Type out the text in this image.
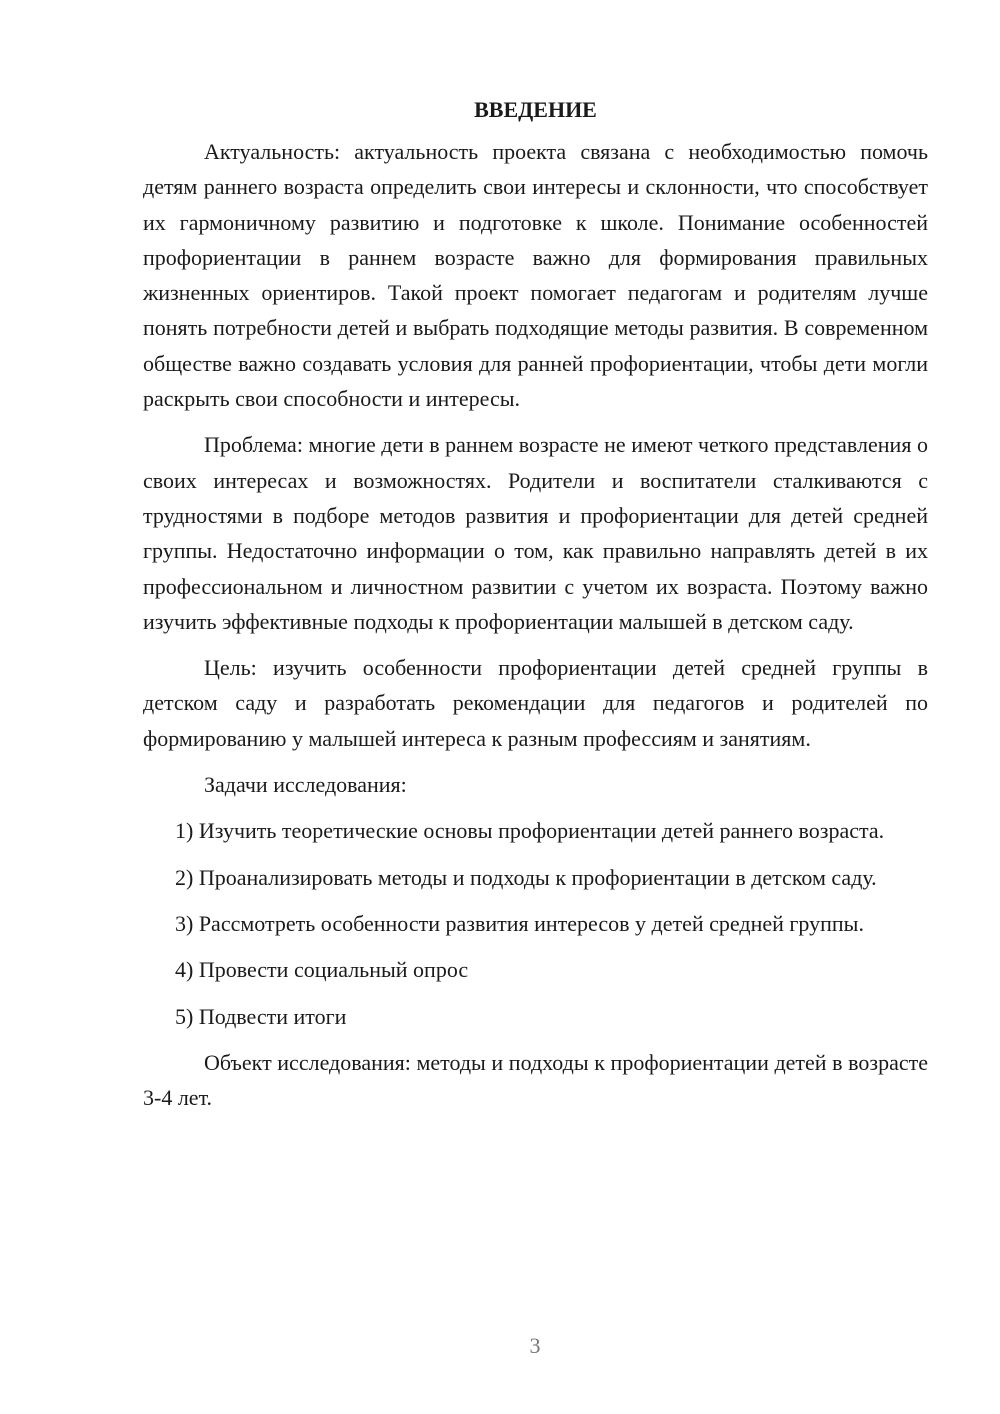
ВВЕДЕНИЕ

Актуальность: актуальность проекта связана с необходимостью помочь детям раннего возраста определить свои интересы и склонности, что способствует их гармоничному развитию и подготовке к школе. Понимание особенностей профориентации в раннем возрасте важно для формирования правильных жизненных ориентиров. Такой проект помогает педагогам и родителям лучше понять потребности детей и выбрать подходящие методы развития. В современном обществе важно создавать условия для ранней профориентации, чтобы дети могли раскрыть свои способности и интересы.

Проблема: многие дети в раннем возрасте не имеют четкого представления о своих интересах и возможностях. Родители и воспитатели сталкиваются с трудностями в подборе методов развития и профориентации для детей средней группы. Недостаточно информации о том, как правильно направлять детей в их профессиональном и личностном развитии с учетом их возраста. Поэтому важно изучить эффективные подходы к профориентации малышей в детском саду.

Цель: изучить особенности профориентации детей средней группы в детском саду и разработать рекомендации для педагогов и родителей по формированию у малышей интереса к разным профессиям и занятиям.

Задачи исследования:

1) Изучить теоретические основы профориентации детей раннего возраста.

2) Проанализировать методы и подходы к профориентации в детском саду.

3) Рассмотреть особенности развития интересов у детей средней группы.

4) Провести социальный опрос

5) Подвести итоги

Объект исследования: методы и подходы к профориентации детей в возрасте 3-4 лет.

3
